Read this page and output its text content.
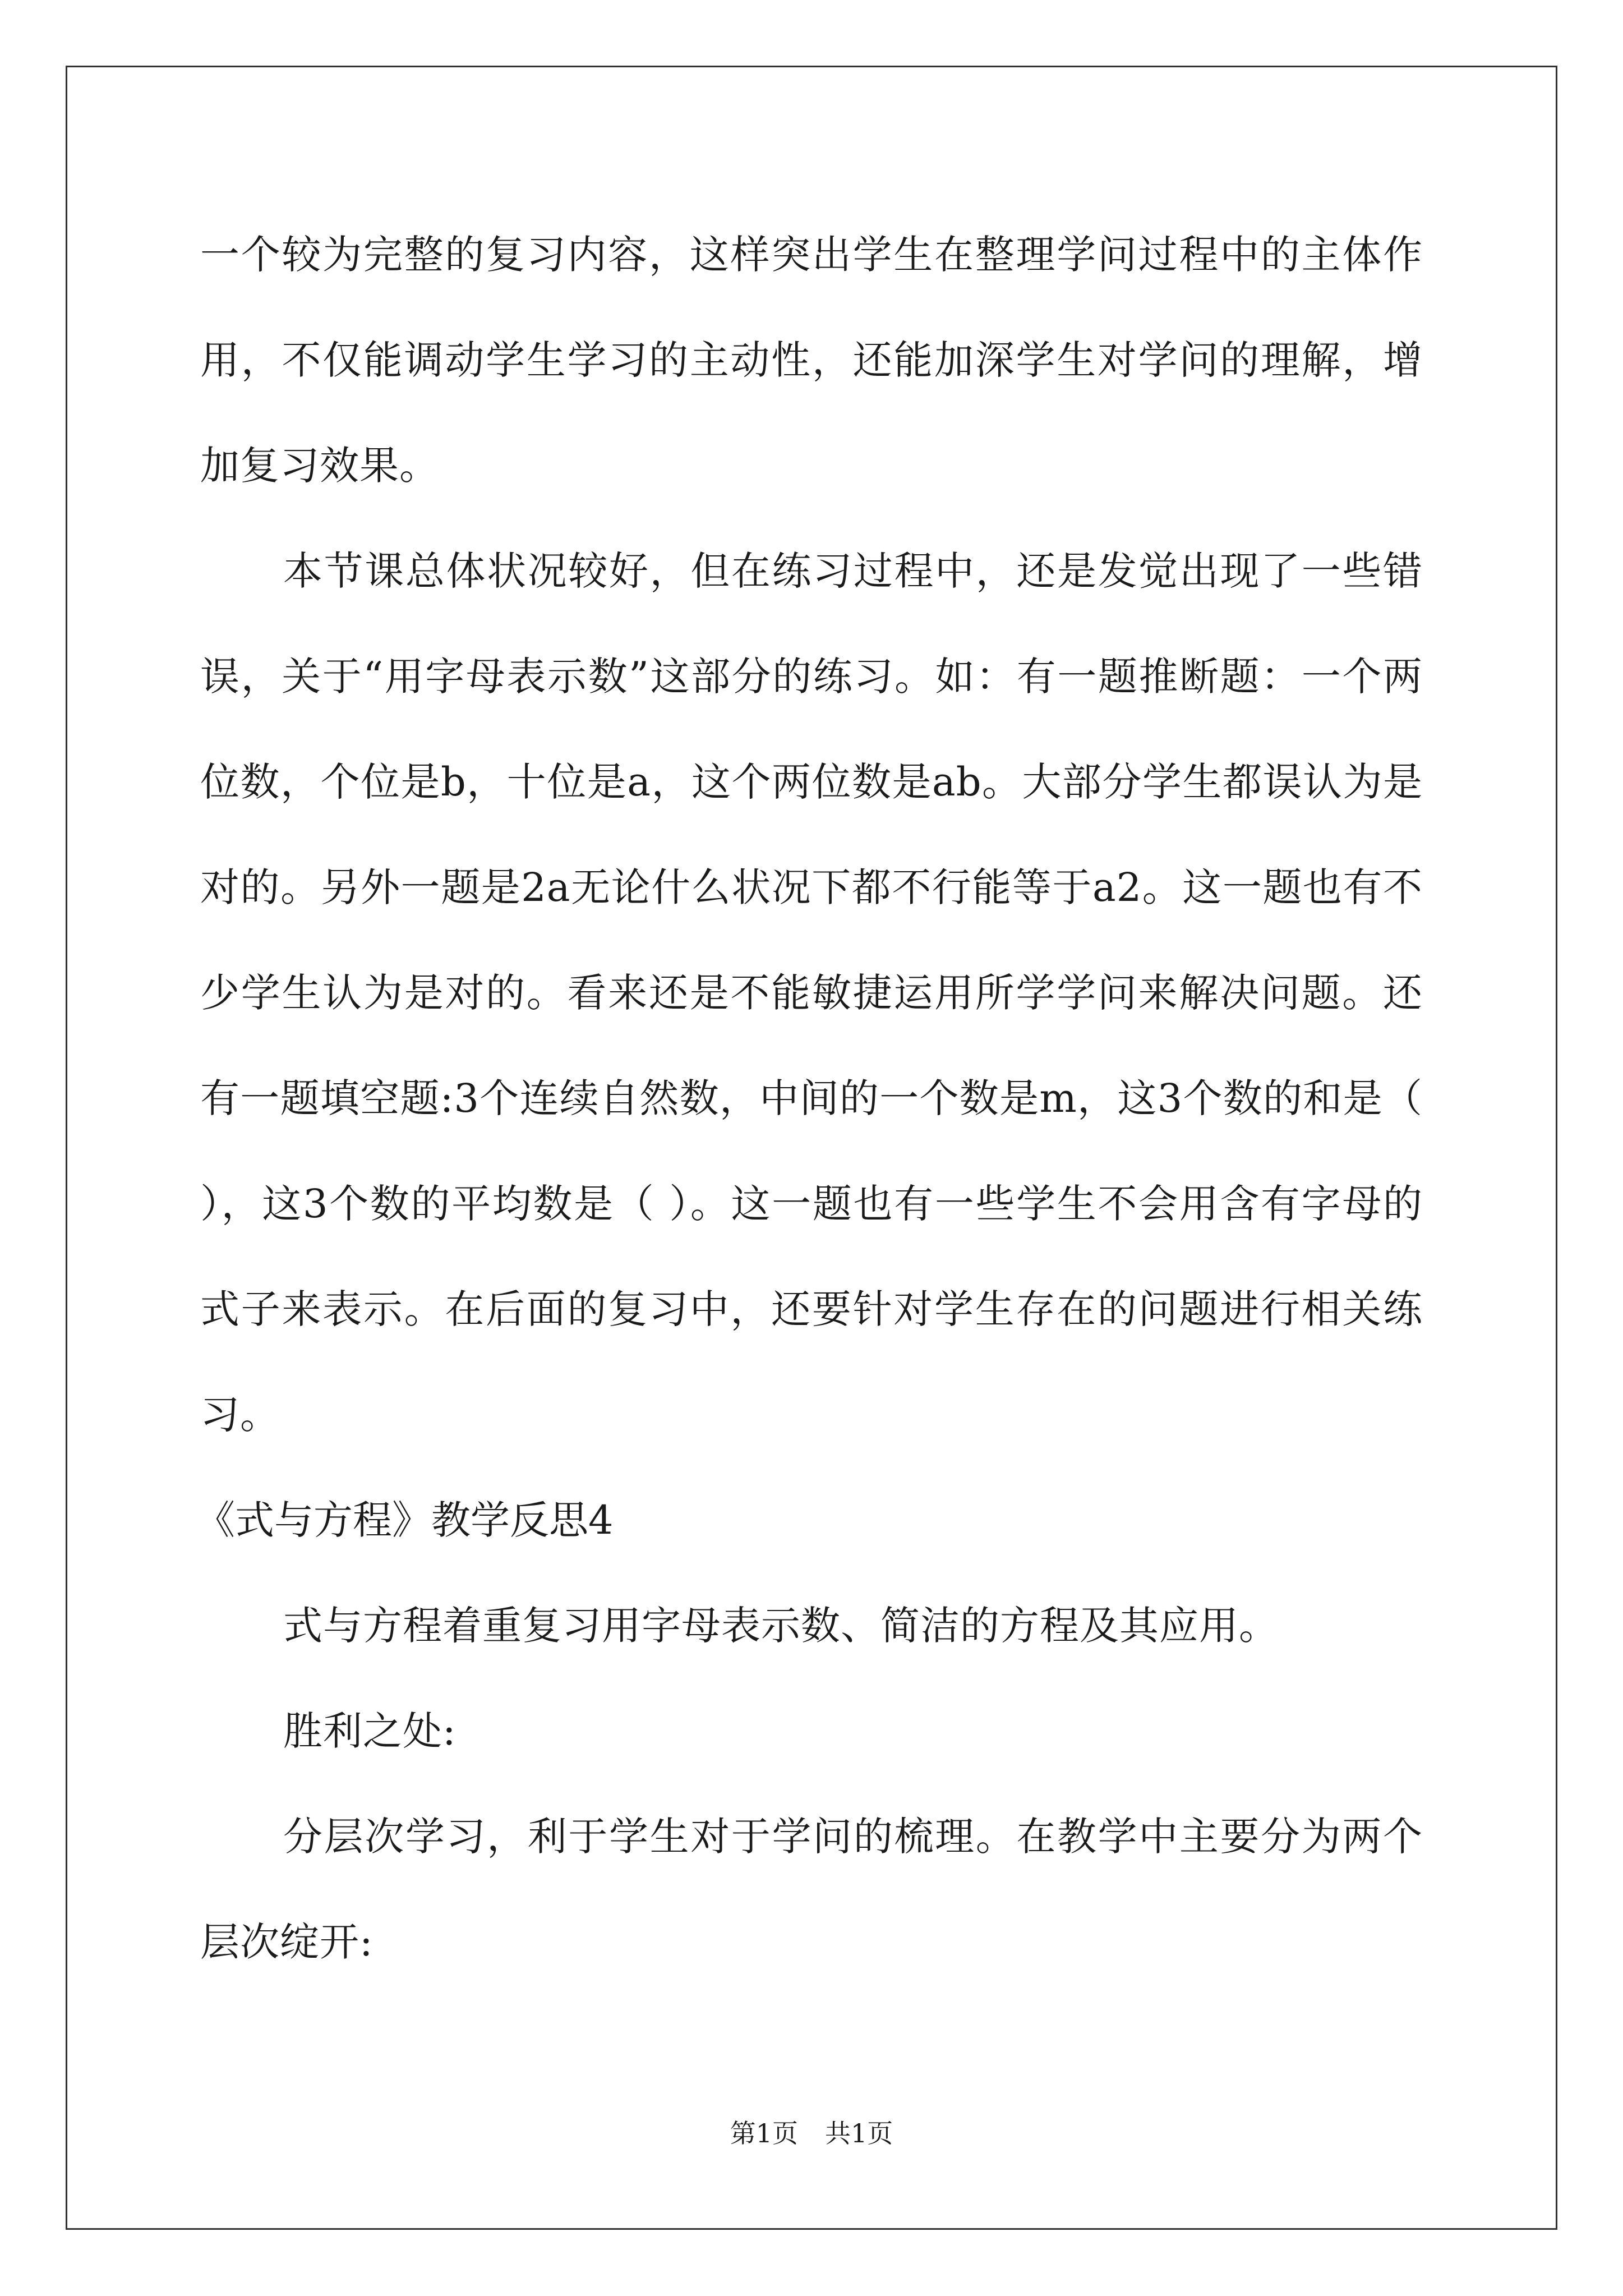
一个较为完整的复习内容，这样突出学生在整理学问过程中的主体作用，不仅能调动学生学习的主动性，还能加深学生对学问的理解，增加复习效果。

本节课总体状况较好，但在练习过程中，还是发觉出现了一些错误，关于“用字母表示数”这部分的练习。如：有一题推断题：一个两位数，个位是b，十位是a，这个两位数是ab。大部分学生都误认为是对的。另外一题是2a无论什么状况下都不行能等于a2。这一题也有不少学生认为是对的。看来还是不能敏捷运用所学学问来解决问题。还有一题填空题:3个连续自然数，中间的一个数是m，这3个数的和是（ ），这3个数的平均数是（ ）。这一题也有一些学生不会用含有字母的式子来表示。在后面的复习中，还要针对学生存在的问题进行相关练习。

《式与方程》教学反思4

式与方程着重复习用字母表示数、简洁的方程及其应用。

胜利之处:

分层次学习，利于学生对于学问的梳理。在教学中主要分为两个层次绽开:

第1页 共1页
